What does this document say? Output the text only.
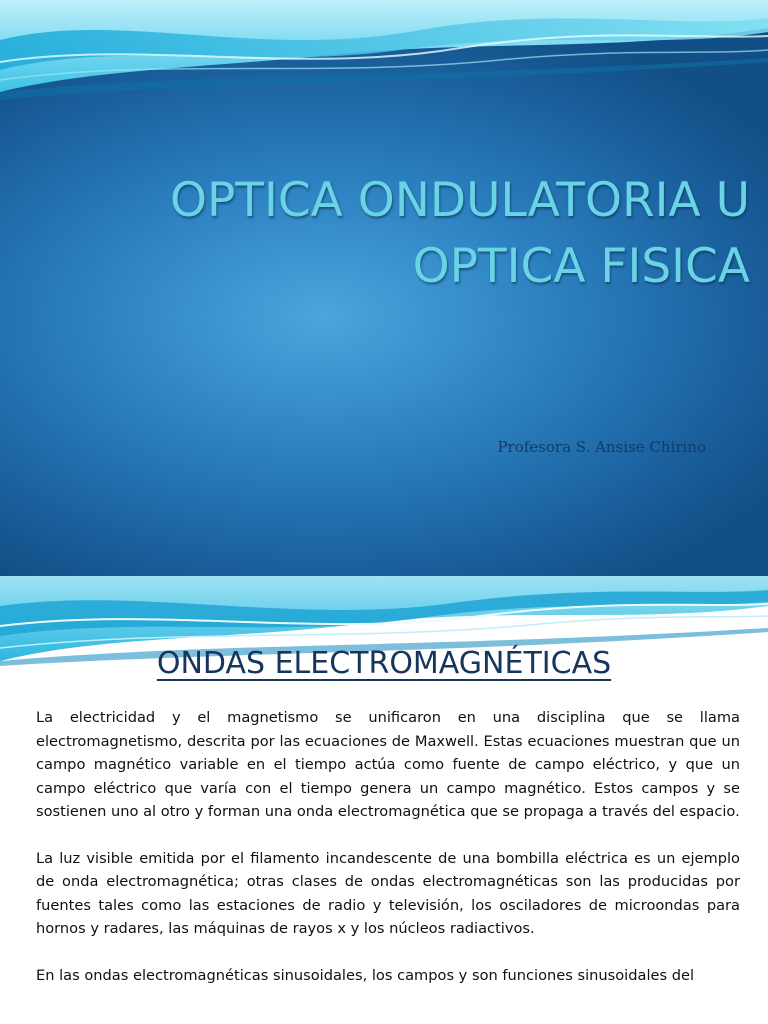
OPTICA ONDULATORIA U OPTICA FISICA
Profesora S. Ansise Chirino
ONDAS ELECTROMAGNÉTICAS

La electricidad y el magnetismo se unificaron en una disciplina que se llama electromagnetismo, descrita por las ecuaciones de Maxwell. Estas ecuaciones muestran que un campo magnético variable en el tiempo actúa como fuente de campo eléctrico, y que un campo eléctrico que varía con el tiempo genera un campo magnético. Estos campos y se sostienen uno al otro y forman una onda electromagnética que se propaga a través del espacio.

La luz visible emitida por el filamento incandescente de una bombilla eléctrica es un ejemplo de onda electromagnética; otras clases de ondas electromagnéticas son las producidas por fuentes tales como las estaciones de radio y televisión, los osciladores de microondas para hornos y radares, las máquinas de rayos x y los núcleos radiactivos.

En las ondas electromagnéticas sinusoidales, los campos y son funciones sinusoidales del
